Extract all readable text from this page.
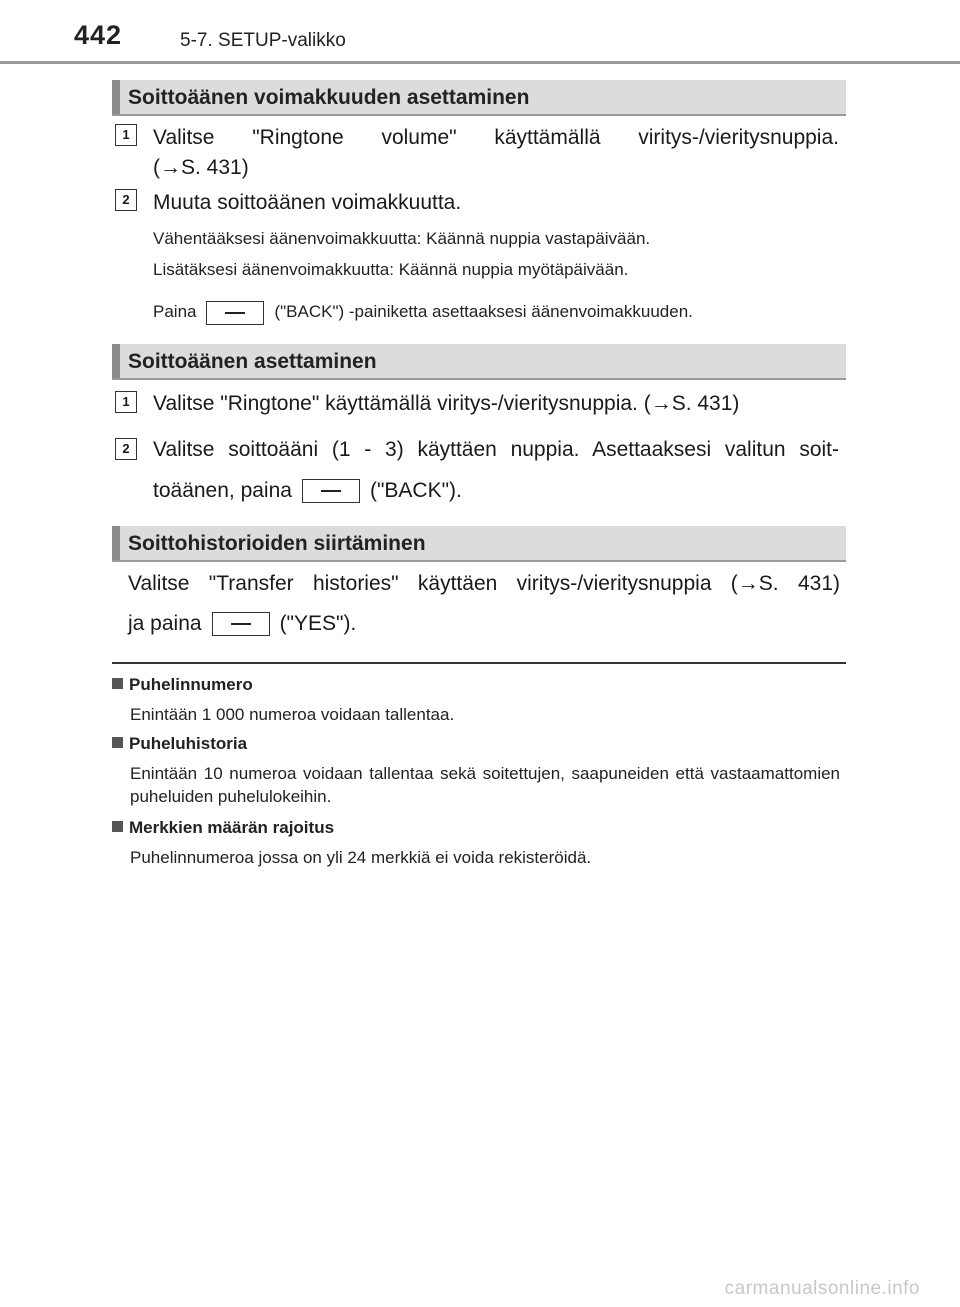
442	5-7. SETUP-valikko
Soittoäänen voimakkuuden asettaminen
1	Valitse "Ringtone volume" käyttämällä viritys-/vieritysnuppia.
(→S. 431)
2	Muuta soittoäänen voimakkuutta.
Vähentääksesi äänenvoimakkuutta: Käännä nuppia vastapäivään.
Lisätäksesi äänenvoimakkuutta: Käännä nuppia myötäpäivään.
Paina	("BACK") -painiketta asettaaksesi äänenvoimakkuuden.
Soittoäänen asettaminen
1	Valitse "Ringtone" käyttämällä viritys-/vieritysnuppia. (→S. 431)
2	Valitse soittoääni (1 - 3) käyttäen nuppia. Asettaaksesi valitun soit-
toäänen, paina	("BACK").
Soittohistorioiden siirtäminen
Valitse "Transfer histories" käyttäen viritys-/vieritysnuppia (→S. 431)
ja paina	("YES").
Puhelinnumero
Enintään 1 000 numeroa voidaan tallentaa.
Puheluhistoria
Enintään 10 numeroa voidaan tallentaa sekä soitettujen, saapuneiden että vastaamattomien puheluiden puhelulokeihin.
Merkkien määrän rajoitus
Puhelinnumeroa jossa on yli 24 merkkiä ei voida rekisteröidä.
carmanualsonline.info
